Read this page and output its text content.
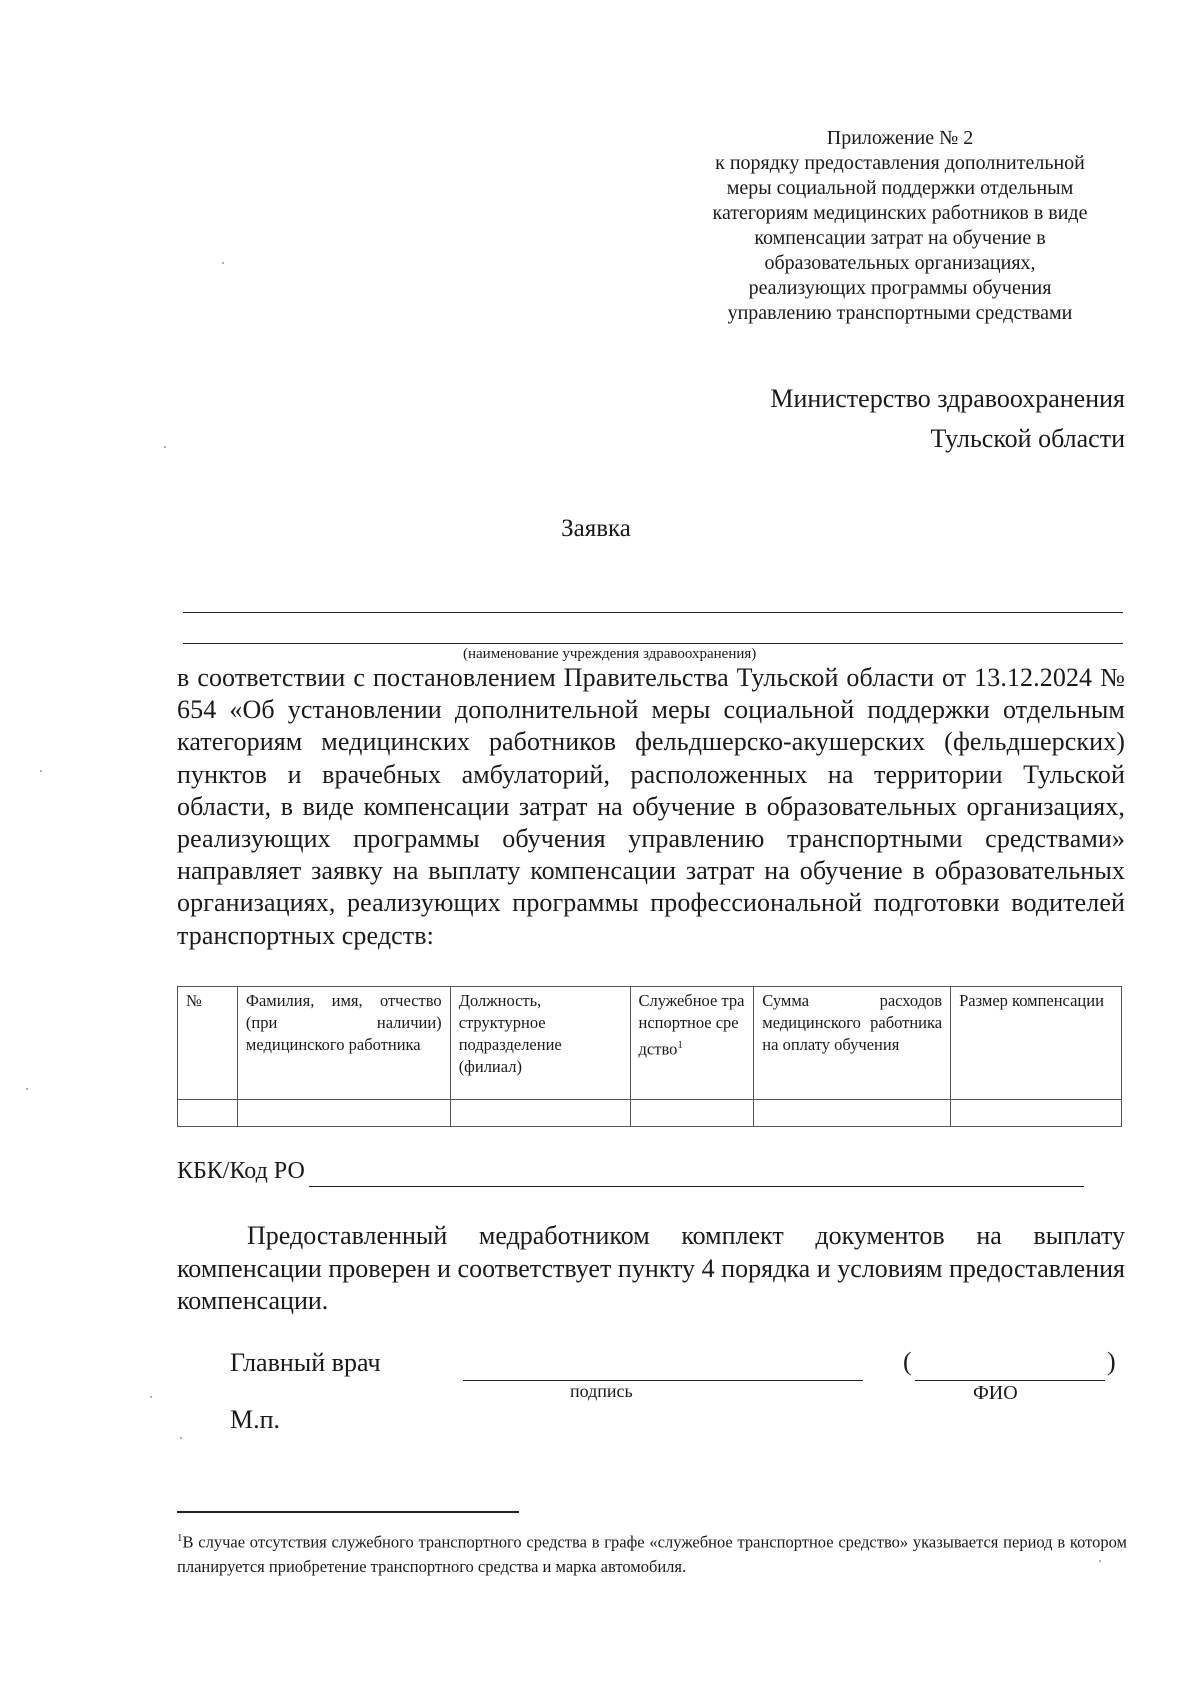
Приложение № 2
к порядку предоставления дополнительной
меры социальной поддержки отдельным
категориям медицинских работников в виде
компенсации затрат на обучение в
образовательных организациях,
реализующих программы обучения
управлению транспортными средствами
Министерство здравоохранения
Тульской области
Заявка
(наименование учреждения здравоохранения)
в соответствии с постановлением Правительства Тульской области от 13.12.2024 № 654 «Об установлении дополнительной меры социальной поддержки отдельным категориям медицинских работников фельдшерско-акушерских (фельдшерских) пунктов и врачебных амбулаторий, расположенных на территории Тульской области, в виде компенсации затрат на обучение в образовательных организациях, реализующих программы обучения управлению транспортными средствами» направляет заявку на выплату компенсации затрат на обучение в образовательных организациях, реализующих программы профессиональной подготовки водителей транспортных средств:
№	Фамилия, имя, отчество (при наличии) медицинского работника	Должность, структурное подразделение (филиал)	Служебное транспортное средство$^1$	Сумма расходов медицинского работника на оплату обучения	Размер компенсации

КБК/Код РО
Предоставленный медработником комплект документов на выплату компенсации проверен и соответствует пункту 4 порядка и условиям предоставления компенсации.
Главный врач	(	)
подпись	ФИО
М.п.
$^1$В случае отсутствия служебного транспортного средства в графе «служебное транспортное средство» указывается период в котором планируется приобретение транспортного средства и марка автомобиля.
